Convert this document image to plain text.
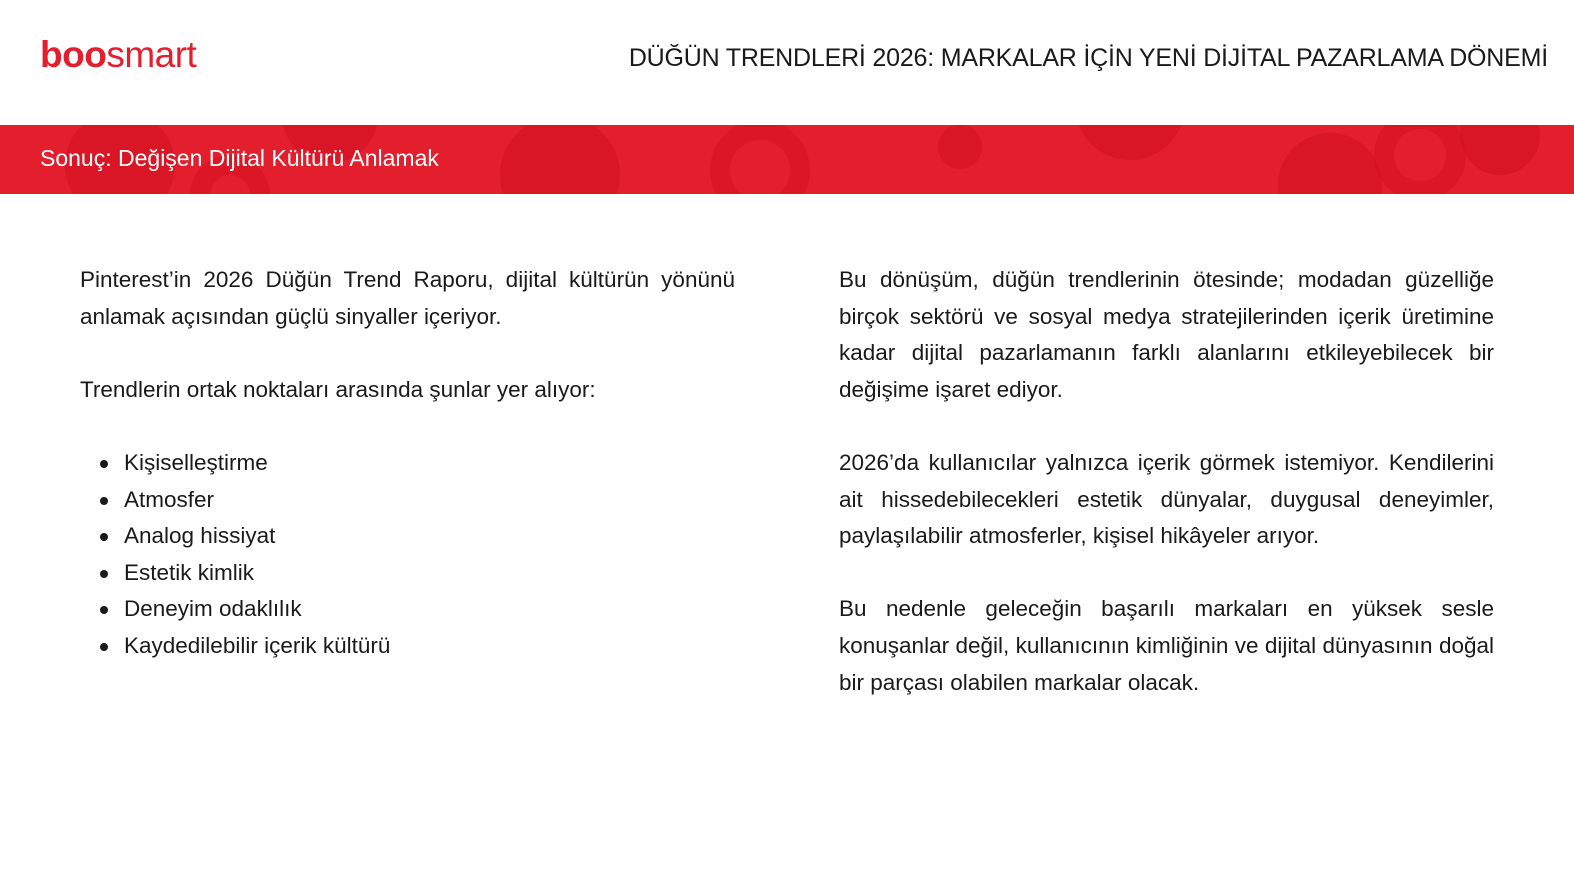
boosmart	DÜĞÜN TRENDLERİ 2026: MARKALAR İÇİN YENİ DİJİTAL PAZARLAMA DÖNEMİ
Sonuç: Değişen Dijital Kültürü Anlamak

Pinterest’in 2026 Düğün Trend Raporu, dijital kültürün yönünü anlamak açısından güçlü sinyaller içeriyor.

Trendlerin ortak noktaları arasında şunlar yer alıyor:

Kişiselleştirme
Atmosfer
Analog hissiyat
Estetik kimlik
Deneyim odaklılık
Kaydedilebilir içerik kültürü

Bu dönüşüm, düğün trendlerinin ötesinde; modadan güzelliğe birçok sektörü ve sosyal medya stratejilerinden içerik üretimine kadar dijital pazarlamanın farklı alanlarını etkileyebilecek bir değişime işaret ediyor.

2026’da kullanıcılar yalnızca içerik görmek istemiyor. Kendilerini ait hissedebilecekleri estetik dünyalar, duygusal deneyimler, paylaşılabilir atmosferler, kişisel hikâyeler arıyor.

Bu nedenle geleceğin başarılı markaları en yüksek sesle konuşanlar değil, kullanıcının kimliğinin ve dijital dünyasının doğal bir parçası olabilen markalar olacak.
